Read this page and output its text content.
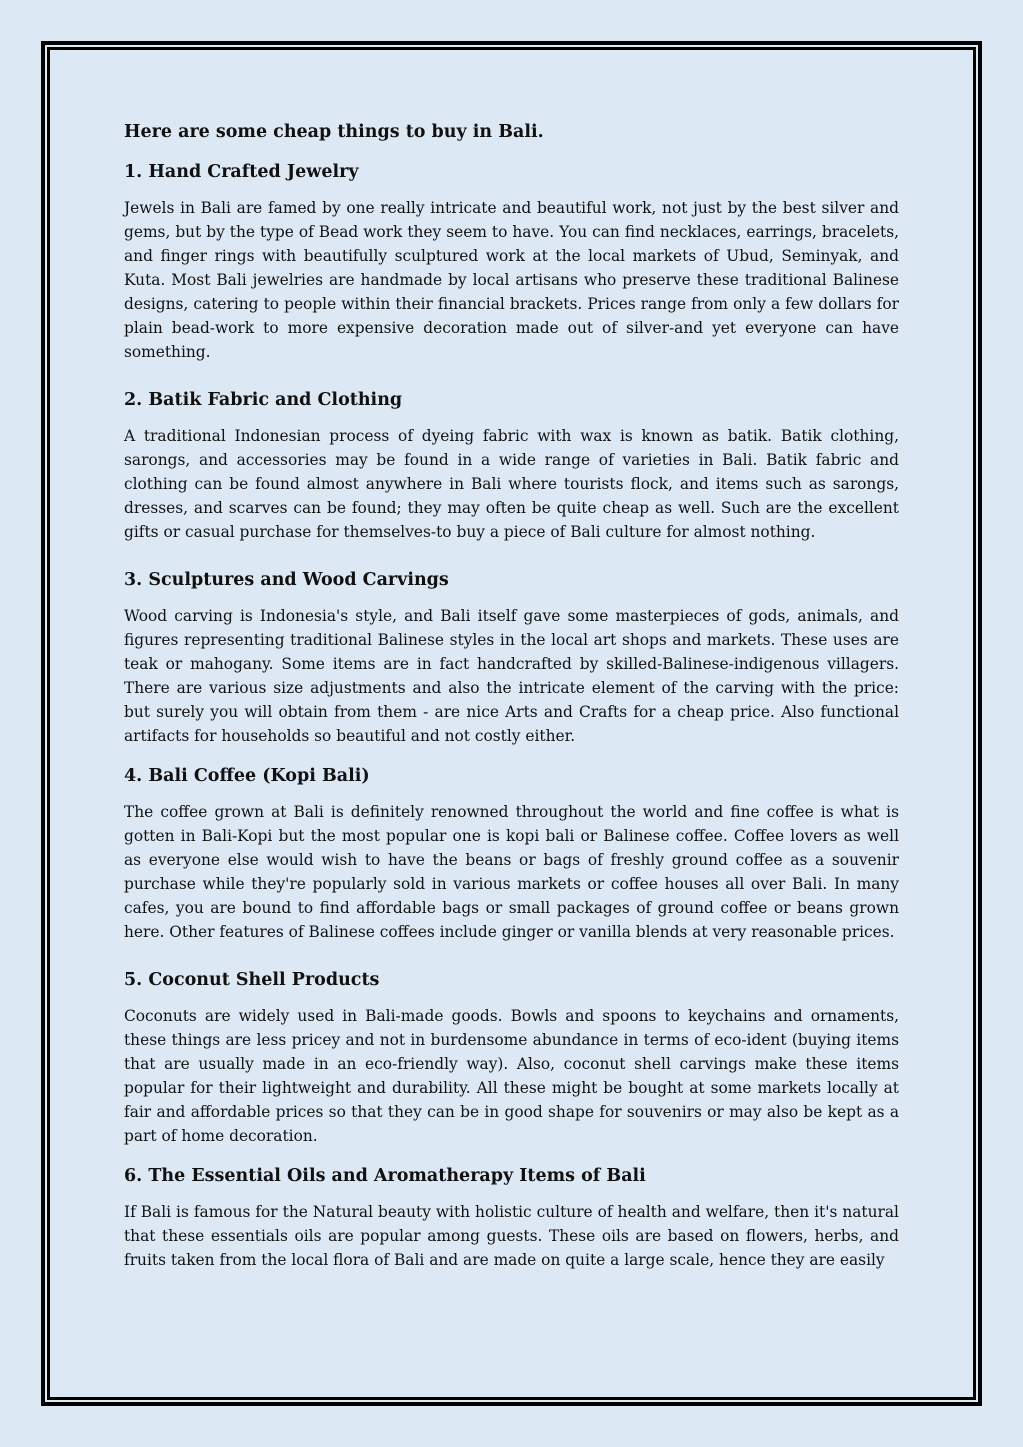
Here are some cheap things to buy in Bali.
1. Hand Crafted Jewelry

Jewels in Bali are famed by one really intricate and beautiful work, not just by the best silver and gems, but by the type of Bead work they seem to have. You can find necklaces, earrings, bracelets, and finger rings with beautifully sculptured work at the local markets of Ubud, Seminyak, and Kuta. Most Bali jewelries are handmade by local artisans who preserve these traditional Balinese designs, catering to people within their financial brackets. Prices range from only a few dollars for plain bead-work to more expensive decoration made out of silver-and yet everyone can have something.

2. Batik Fabric and Clothing

A traditional Indonesian process of dyeing fabric with wax is known as batik. Batik clothing, sarongs, and accessories may be found in a wide range of varieties in Bali. Batik fabric and clothing can be found almost anywhere in Bali where tourists flock, and items such as sarongs, dresses, and scarves can be found; they may often be quite cheap as well. Such are the excellent gifts or casual purchase for themselves-to buy a piece of Bali culture for almost nothing.

3. Sculptures and Wood Carvings

Wood carving is Indonesia's style, and Bali itself gave some masterpieces of gods, animals, and figures representing traditional Balinese styles in the local art shops and markets. These uses are teak or mahogany. Some items are in fact handcrafted by skilled-Balinese-indigenous villagers. There are various size adjustments and also the intricate element of the carving with the price: but surely you will obtain from them - are nice Arts and Crafts for a cheap price. Also functional artifacts for households so beautiful and not costly either.

4. Bali Coffee (Kopi Bali)

The coffee grown at Bali is definitely renowned throughout the world and fine coffee is what is gotten in Bali-Kopi but the most popular one is kopi bali or Balinese coffee. Coffee lovers as well as everyone else would wish to have the beans or bags of freshly ground coffee as a souvenir purchase while they're popularly sold in various markets or coffee houses all over Bali. In many cafes, you are bound to find affordable bags or small packages of ground coffee or beans grown here. Other features of Balinese coffees include ginger or vanilla blends at very reasonable prices.

5. Coconut Shell Products

Coconuts are widely used in Bali-made goods. Bowls and spoons to keychains and ornaments, these things are less pricey and not in burdensome abundance in terms of eco-ident (buying items that are usually made in an eco-friendly way). Also, coconut shell carvings make these items popular for their lightweight and durability. All these might be bought at some markets locally at fair and affordable prices so that they can be in good shape for souvenirs or may also be kept as a part of home decoration.

6. The Essential Oils and Aromatherapy Items of Bali

If Bali is famous for the Natural beauty with holistic culture of health and welfare, then it's natural that these essentials oils are popular among guests. These oils are based on flowers, herbs, and fruits taken from the local flora of Bali and are made on quite a large scale, hence they are easily
